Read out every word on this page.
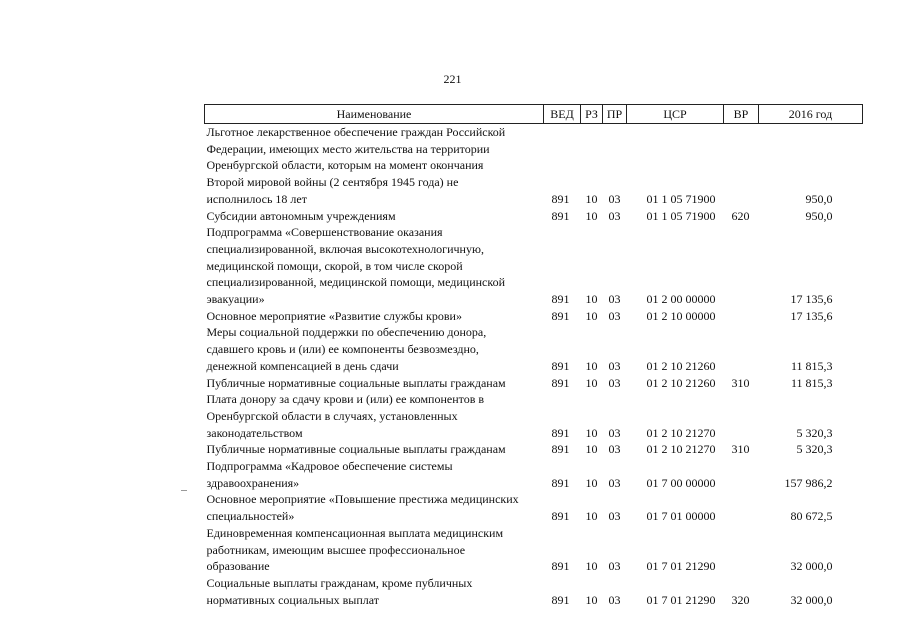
221
Наименование	ВЕД	РЗ	ПР	ЦСР	ВР	2016 год

Льготное лекарственное обеспечение граждан Российской
Федерации, имеющих место жительства на территории
Оренбургской области, которым на момент окончания
Второй мировой войны (2 сентября 1945 года) не
исполнилось 18 лет	891	10	03	01 1 05 71900		950,0

Субсидии автономным учреждениям	891	10	03	01 1 05 71900	620	950,0

Подпрограмма «Совершенствование оказания
специализированной, включая высокотехнологичную,
медицинской помощи, скорой, в том числе скорой
специализированной, медицинской помощи, медицинской
эвакуации»	891	10	03	01 2 00 00000		17 135,6

Основное мероприятие «Развитие службы крови»	891	10	03	01 2 10 00000		17 135,6

Меры социальной поддержки по обеспечению донора,
сдавшего кровь и (или) ее компоненты безвозмездно,
денежной компенсацией в день сдачи	891	10	03	01 2 10 21260		11 815,3

Публичные нормативные социальные выплаты гражданам	891	10	03	01 2 10 21260	310	11 815,3

Плата донору за сдачу крови и (или) ее компонентов в
Оренбургской области в случаях, установленных
законодательством	891	10	03	01 2 10 21270		5 320,3

Публичные нормативные социальные выплаты гражданам	891	10	03	01 2 10 21270	310	5 320,3

Подпрограмма «Кадровое обеспечение системы
здравоохранения»	891	10	03	01 7 00 00000		157 986,2

Основное мероприятие «Повышение престижа медицинских
специальностей»	891	10	03	01 7 01 00000		80 672,5

Единовременная компенсационная выплата медицинским
работникам, имеющим высшее профессиональное
образование	891	10	03	01 7 01 21290		32 000,0

Социальные выплаты гражданам, кроме публичных
нормативных социальных выплат	891	10	03	01 7 01 21290	320	32 000,0
